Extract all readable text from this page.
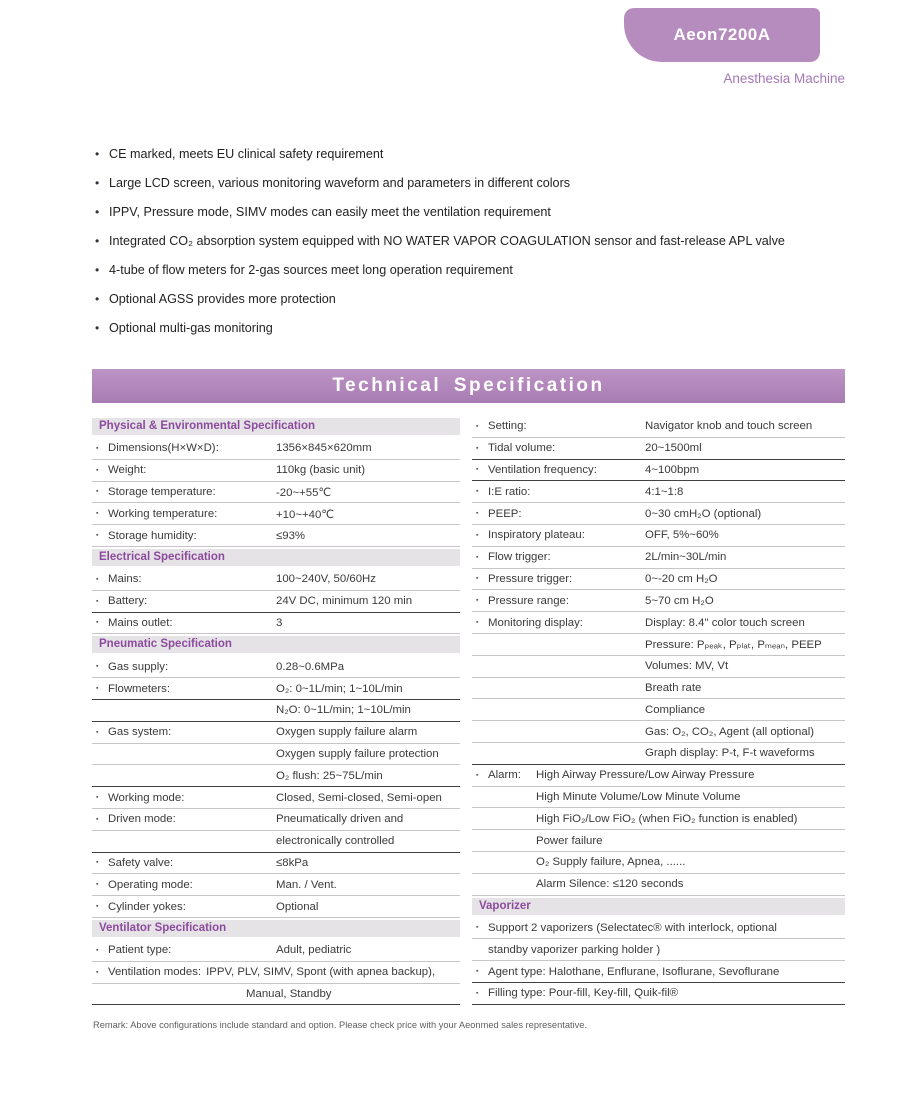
Aeon7200A
Anesthesia Machine
• CE marked, meets EU clinical safety requirement
• Large LCD screen, various monitoring waveform and parameters in different colors
• IPPV, Pressure mode, SIMV modes can easily meet the ventilation requirement
• Integrated CO₂ absorption system equipped with NO WATER VAPOR COAGULATION sensor and fast-release APL valve
• 4-tube of flow meters for 2-gas sources meet long operation requirement
• Optional AGSS provides more protection
• Optional multi-gas monitoring
Technical Specification
Physical & Environmental Specification
▪ Dimensions(H×W×D):	1356×845×620mm
▪ Weight:	110kg (basic unit)
▪ Storage temperature:	-20~+55℃
▪ Working temperature:	+10~+40℃
▪ Storage humidity:	≤93%
Electrical Specification
▪ Mains:	100~240V, 50/60Hz
▪ Battery:	24V DC, minimum 120 min
▪ Mains outlet:	3
Pneumatic Specification
▪ Gas supply:	0.28~0.6MPa
▪ Flowmeters:	O₂: 0~1L/min; 1~10L/min
N₂O: 0~1L/min; 1~10L/min
▪ Gas system:	Oxygen supply failure alarm
Oxygen supply failure protection
O₂ flush: 25~75L/min
▪ Working mode:	Closed, Semi-closed, Semi-open
▪ Driven mode:	Pneumatically driven and
electronically controlled
▪ Safety valve:	≤8kPa
▪ Operating mode:	Man. / Vent.
▪ Cylinder yokes:	Optional
Ventilator Specification
▪ Patient type:	Adult, pediatric
▪ Ventilation modes: IPPV, PLV, SIMV, Spont (with apnea backup),
Manual, Standby
▪ Setting:	Navigator knob and touch screen
▪ Tidal volume:	20~1500ml
▪ Ventilation frequency:	4~100bpm
▪ I:E ratio:	4:1~1:8
▪ PEEP:	0~30 cmH₂O (optional)
▪ Inspiratory plateau:	OFF, 5%~60%
▪ Flow trigger:	2L/min~30L/min
▪ Pressure trigger:	0~-20 cm H₂O
▪ Pressure range:	5~70 cm H₂O
▪ Monitoring display:	Display: 8.4" color touch screen
Pressure: Pₚₑₐₖ, Pₚₗₐₜ, Pₘₑₐₙ, PEEP
Volumes: MV, Vt
Breath rate
Compliance
Gas: O₂, CO₂, Agent (all optional)
Graph display: P-t, F-t waveforms
▪ Alarm:	High Airway Pressure/Low Airway Pressure
High Minute Volume/Low Minute Volume
High FiO₂/Low FiO₂ (when FiO₂ function is enabled)
Power failure
O₂ Supply failure, Apnea, ......
Alarm Silence: ≤120 seconds
Vaporizer
▪ Support 2 vaporizers (Selectatec® with interlock, optional
standby vaporizer parking holder )
▪ Agent type: Halothane, Enflurane, Isoflurane, Sevoflurane
▪ Filling type: Pour-fill, Key-fill, Quik-fil®
Remark: Above configurations include standard and option. Please check price with your Aeonmed sales representative.
